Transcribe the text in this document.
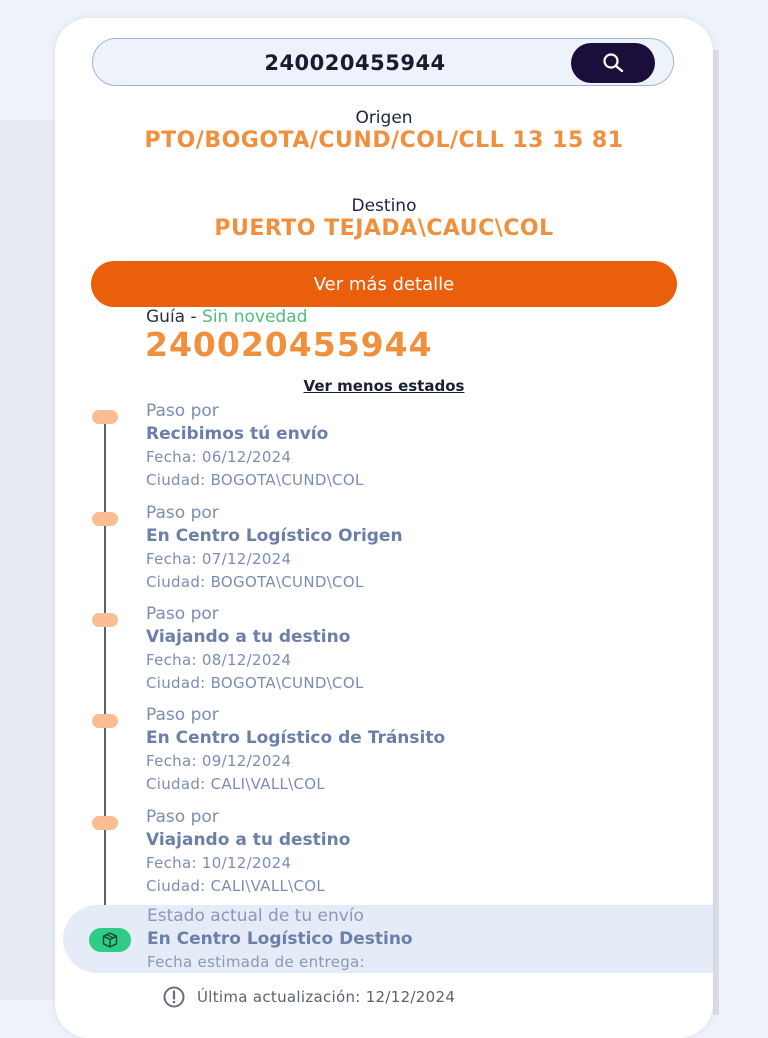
240020455944
Origen
PTO/BOGOTA/CUND/COL/CLL 13 15 81
Destino
PUERTO TEJADA\CAUC\COL
Ver más detalle
Guía - Sin novedad
240020455944
Ver menos estados
Paso por
Recibimos tú envío
Fecha: 06/12/2024
Ciudad: BOGOTA\CUND\COL
Paso por
En Centro Logístico Origen
Fecha: 07/12/2024
Ciudad: BOGOTA\CUND\COL
Paso por
Viajando a tu destino
Fecha: 08/12/2024
Ciudad: BOGOTA\CUND\COL
Paso por
En Centro Logístico de Tránsito
Fecha: 09/12/2024
Ciudad: CALI\VALL\COL
Paso por
Viajando a tu destino
Fecha: 10/12/2024
Ciudad: CALI\VALL\COL
Estado actual de tu envío
En Centro Logístico Destino
Fecha estimada de entrega:
Última actualización: 12/12/2024
